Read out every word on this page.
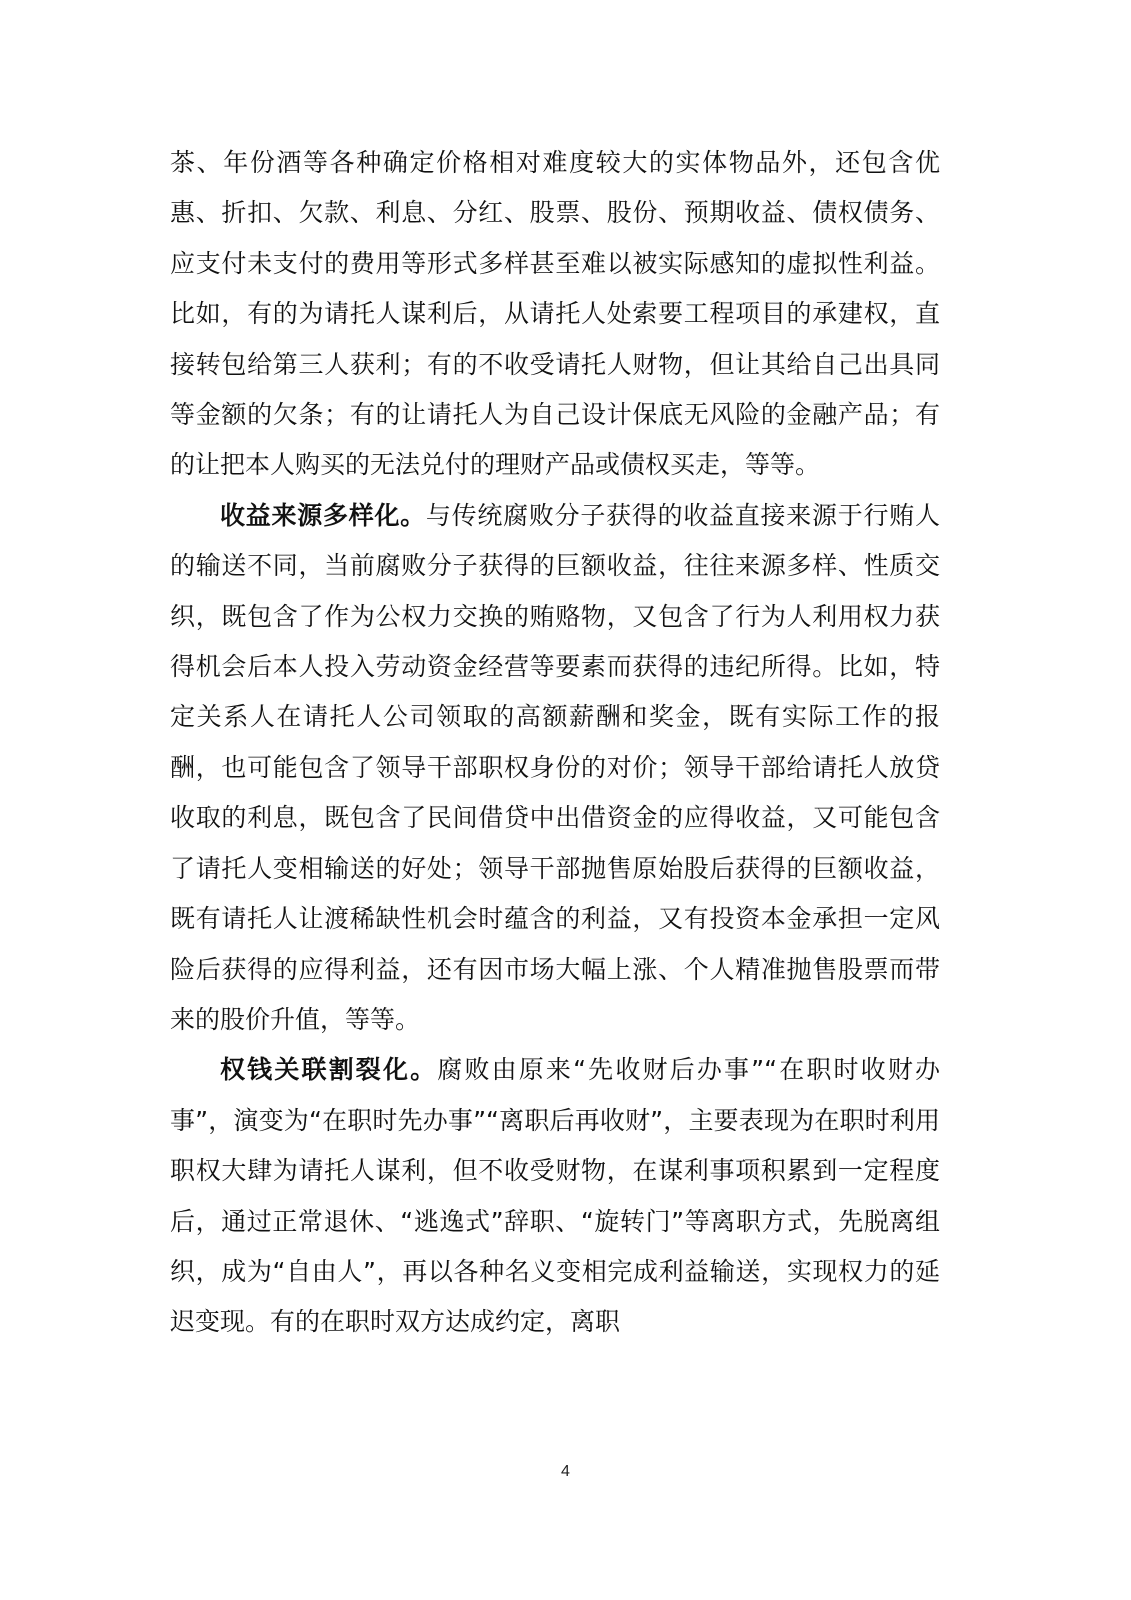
茶、年份酒等各种确定价格相对难度较大的实体物品外，还包含优惠、折扣、欠款、利息、分红、股票、股份、预期收益、债权债务、应支付未支付的费用等形式多样甚至难以被实际感知的虚拟性利益。比如，有的为请托人谋利后，从请托人处索要工程项目的承建权，直接转包给第三人获利；有的不收受请托人财物，但让其给自己出具同等金额的欠条；有的让请托人为自己设计保底无风险的金融产品；有的让把本人购买的无法兑付的理财产品或债权买走，等等。

收益来源多样化。与传统腐败分子获得的收益直接来源于行贿人的输送不同，当前腐败分子获得的巨额收益，往往来源多样、性质交织，既包含了作为公权力交换的贿赂物，又包含了行为人利用权力获得机会后本人投入劳动资金经营等要素而获得的违纪所得。比如，特定关系人在请托人公司领取的高额薪酬和奖金，既有实际工作的报酬，也可能包含了领导干部职权身份的对价；领导干部给请托人放贷收取的利息，既包含了民间借贷中出借资金的应得收益，又可能包含了请托人变相输送的好处；领导干部抛售原始股后获得的巨额收益，既有请托人让渡稀缺性机会时蕴含的利益，又有投资本金承担一定风险后获得的应得利益，还有因市场大幅上涨、个人精准抛售股票而带来的股价升值，等等。

权钱关联割裂化。腐败由原来“先收财后办事”“在职时收财办事”，演变为“在职时先办事”“离职后再收财”，主要表现为在职时利用职权大肆为请托人谋利，但不收受财物，在谋利事项积累到一定程度后，通过正常退休、“逃逸式”辞职、“旋转门”等离职方式，先脱离组织，成为“自由人”，再以各种名义变相完成利益输送，实现权力的延迟变现。有的在职时双方达成约定，离职

4
